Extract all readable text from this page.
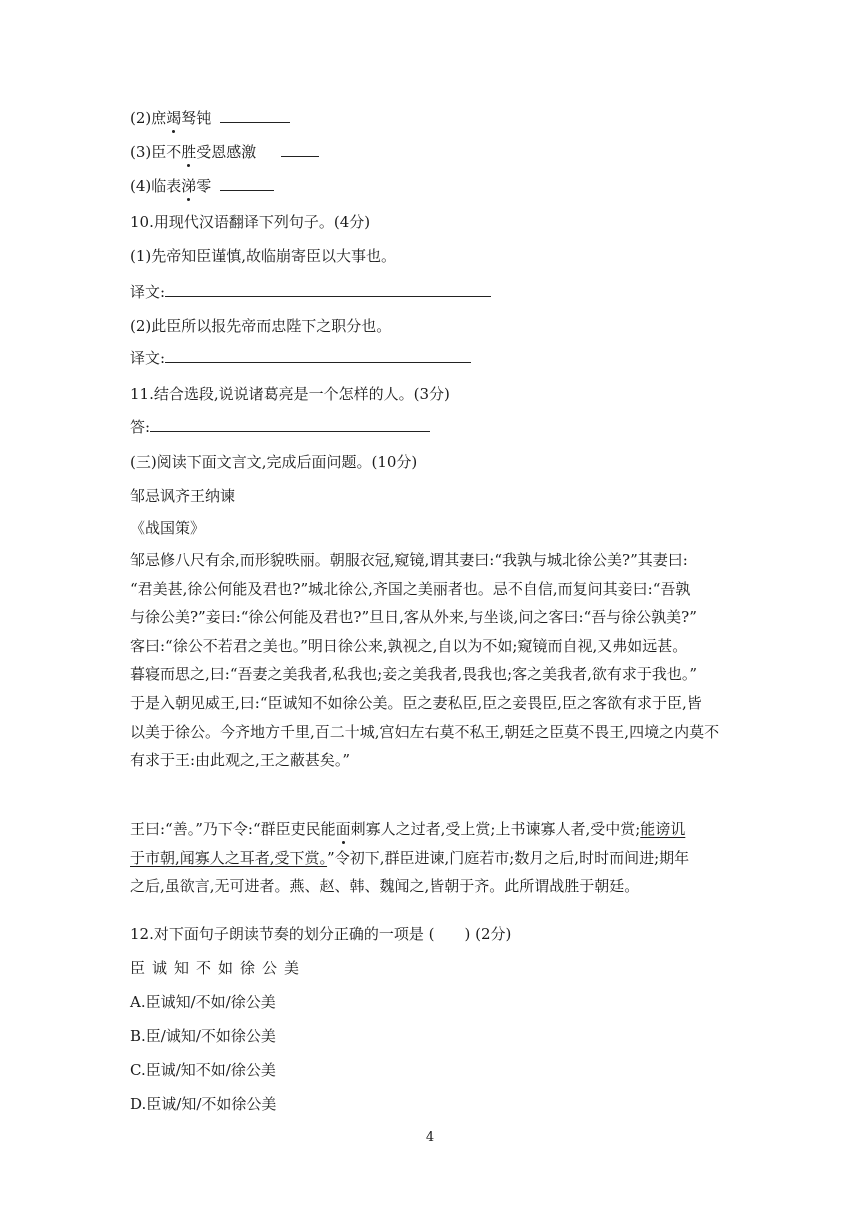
(2)庶竭驽钝
(3)臣不胜受恩感激
(4)临表涕零
10.用现代汉语翻译下列句子。(4分)
(1)先帝知臣谨慎,故临崩寄臣以大事也。
译文:
(2)此臣所以报先帝而忠陛下之职分也。
译文:
11.结合选段,说说诸葛亮是一个怎样的人。(3分)
答:
(三)阅读下面文言文,完成后面问题。(10分)
邹忌讽齐王纳谏
《战国策》
邹忌修八尺有余,而形貌昳丽。朝服衣冠,窥镜,谓其妻曰:“我孰与城北徐公美?”其妻曰:
“君美甚,徐公何能及君也?”城北徐公,齐国之美丽者也。忌不自信,而复问其妾曰:“吾孰
与徐公美?”妾曰:“徐公何能及君也?”旦日,客从外来,与坐谈,问之客曰:“吾与徐公孰美?”
客曰:“徐公不若君之美也。”明日徐公来,孰视之,自以为不如;窥镜而自视,又弗如远甚。
暮寝而思之,曰:“吾妻之美我者,私我也;妾之美我者,畏我也;客之美我者,欲有求于我也。”
于是入朝见威王,曰:“臣诚知不如徐公美。臣之妻私臣,臣之妾畏臣,臣之客欲有求于臣,皆
以美于徐公。今齐地方千里,百二十城,宫妇左右莫不私王,朝廷之臣莫不畏王,四境之内莫不
有求于王:由此观之,王之蔽甚矣。”
王曰:“善。”乃下令:“群臣吏民能面刺寡人之过者,受上赏;上书谏寡人者,受中赏;能谤讥
于市朝,闻寡人之耳者,受下赏。”令初下,群臣进谏,门庭若市;数月之后,时时而间进;期年
之后,虽欲言,无可进者。燕、赵、韩、魏闻之,皆朝于齐。此所谓战胜于朝廷。
12.对下面句子朗读节奏的划分正确的一项是 (　　) (2分)
臣诚知不如徐公美
A.臣诚知/不如/徐公美
B.臣/诚知/不如徐公美
C.臣诚/知不如/徐公美
D.臣诚/知/不如徐公美
4
